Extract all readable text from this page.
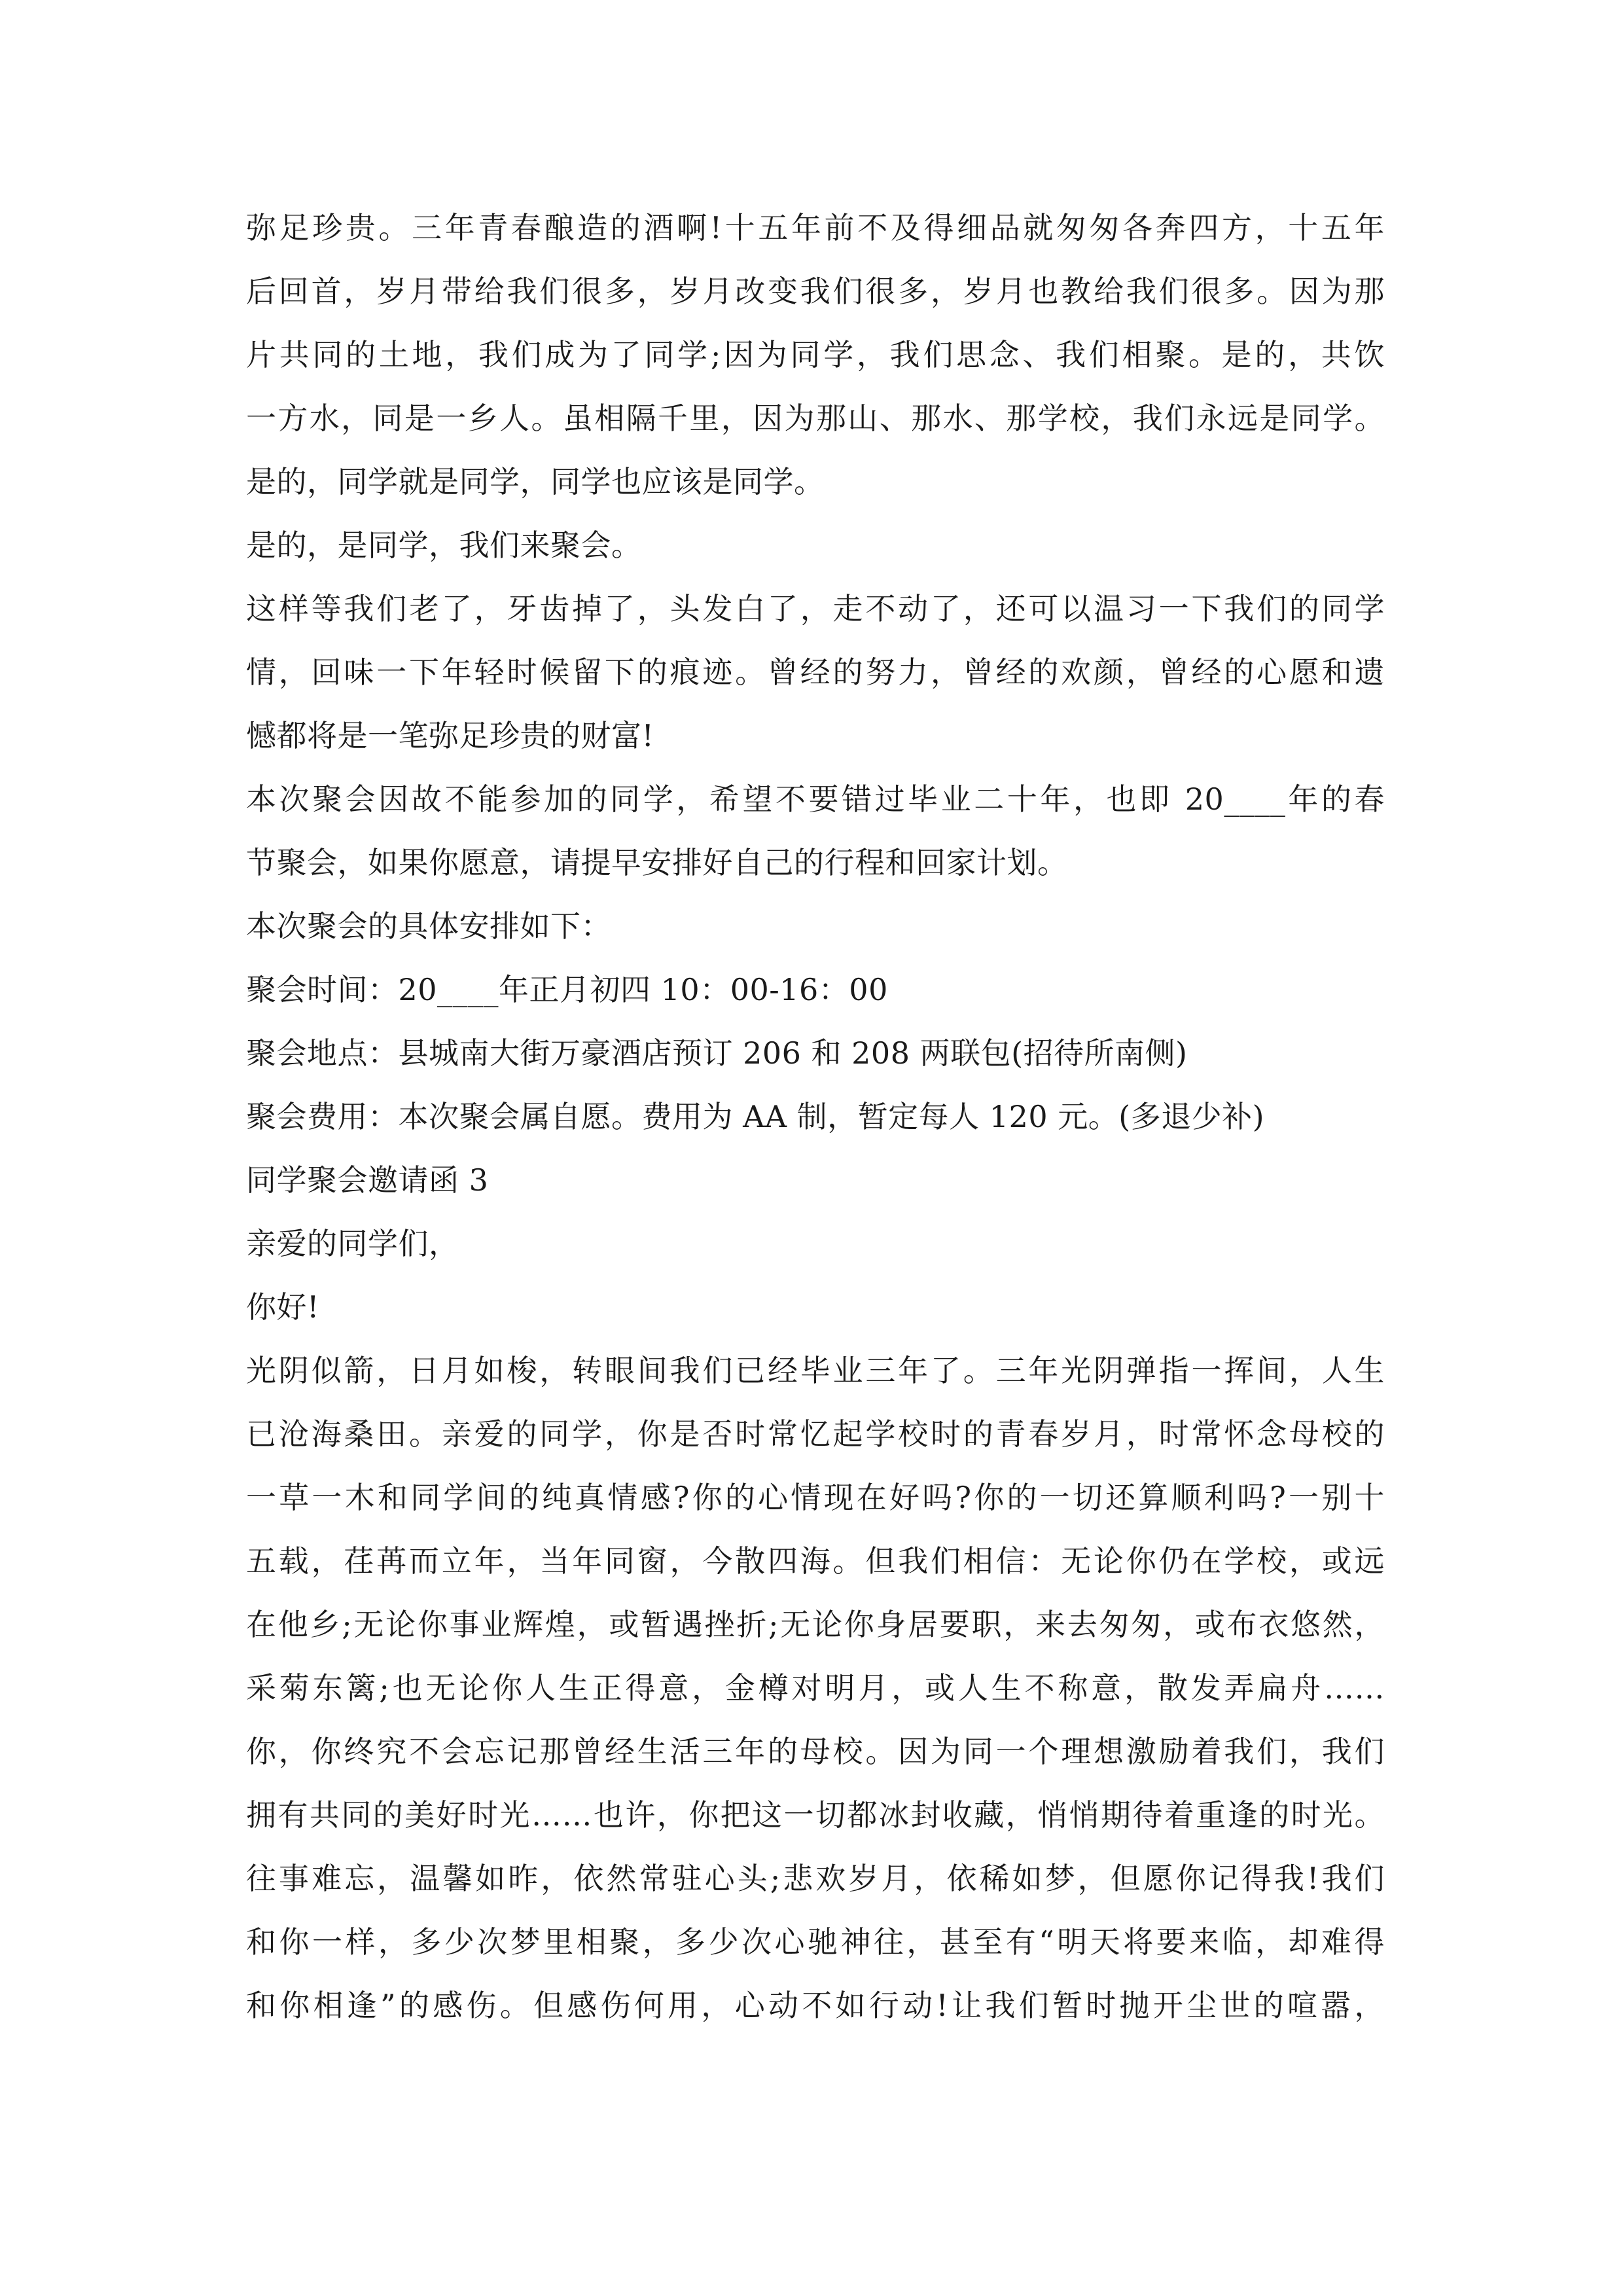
弥足珍贵。三年青春酿造的酒啊!十五年前不及得细品就匆匆各奔四方，十五年
后回首，岁月带给我们很多，岁月改变我们很多，岁月也教给我们很多。因为那
片共同的土地，我们成为了同学;因为同学，我们思念、我们相聚。是的，共饮
一方水，同是一乡人。虽相隔千里，因为那山、那水、那学校，我们永远是同学。
是的，同学就是同学，同学也应该是同学。
是的，是同学，我们来聚会。
这样等我们老了，牙齿掉了，头发白了，走不动了，还可以温习一下我们的同学
情，回味一下年轻时候留下的痕迹。曾经的努力，曾经的欢颜，曾经的心愿和遗
憾都将是一笔弥足珍贵的财富!
本次聚会因故不能参加的同学，希望不要错过毕业二十年，也即 20____年的春
节聚会，如果你愿意，请提早安排好自己的行程和回家计划。
本次聚会的具体安排如下：
聚会时间：20____年正月初四 10：00-16：00
聚会地点：县城南大街万豪酒店预订 206 和 208 两联包(招待所南侧)
聚会费用：本次聚会属自愿。费用为 AA 制，暂定每人 120 元。(多退少补)
同学聚会邀请函 3
亲爱的同学们，
你好!
光阴似箭，日月如梭，转眼间我们已经毕业三年了。三年光阴弹指一挥间，人生
已沧海桑田。亲爱的同学，你是否时常忆起学校时的青春岁月，时常怀念母校的
一草一木和同学间的纯真情感?你的心情现在好吗?你的一切还算顺利吗?一别十
五载，荏苒而立年，当年同窗，今散四海。但我们相信：无论你仍在学校，或远
在他乡;无论你事业辉煌，或暂遇挫折;无论你身居要职，来去匆匆，或布衣悠然，
采菊东篱;也无论你人生正得意，金樽对明月，或人生不称意，散发弄扁舟……
你，你终究不会忘记那曾经生活三年的母校。因为同一个理想激励着我们，我们
拥有共同的美好时光……也许，你把这一切都冰封收藏，悄悄期待着重逢的时光。
往事难忘，温馨如昨，依然常驻心头;悲欢岁月，依稀如梦，但愿你记得我!我们
和你一样，多少次梦里相聚，多少次心驰神往，甚至有“明天将要来临，却难得
和你相逢”的感伤。但感伤何用，心动不如行动!让我们暂时抛开尘世的喧嚣，
